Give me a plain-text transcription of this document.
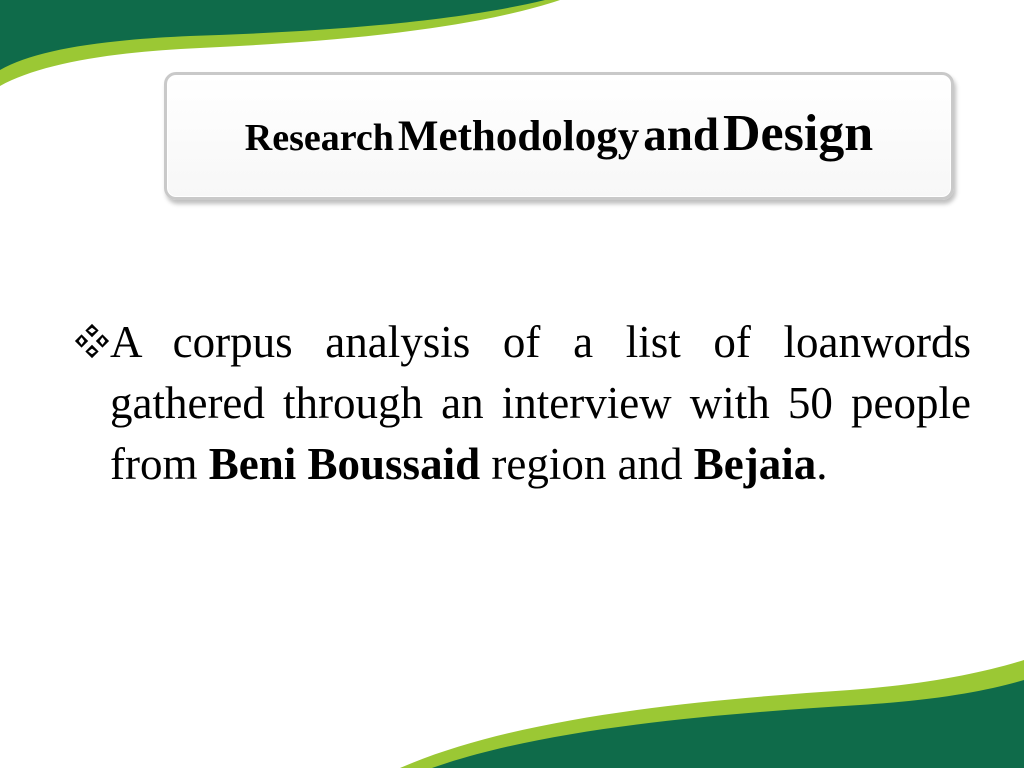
Research Methodology and Design
A corpus analysis of a list of loanwords gathered through an interview with 50 people from Beni Boussaid region and Bejaia.
